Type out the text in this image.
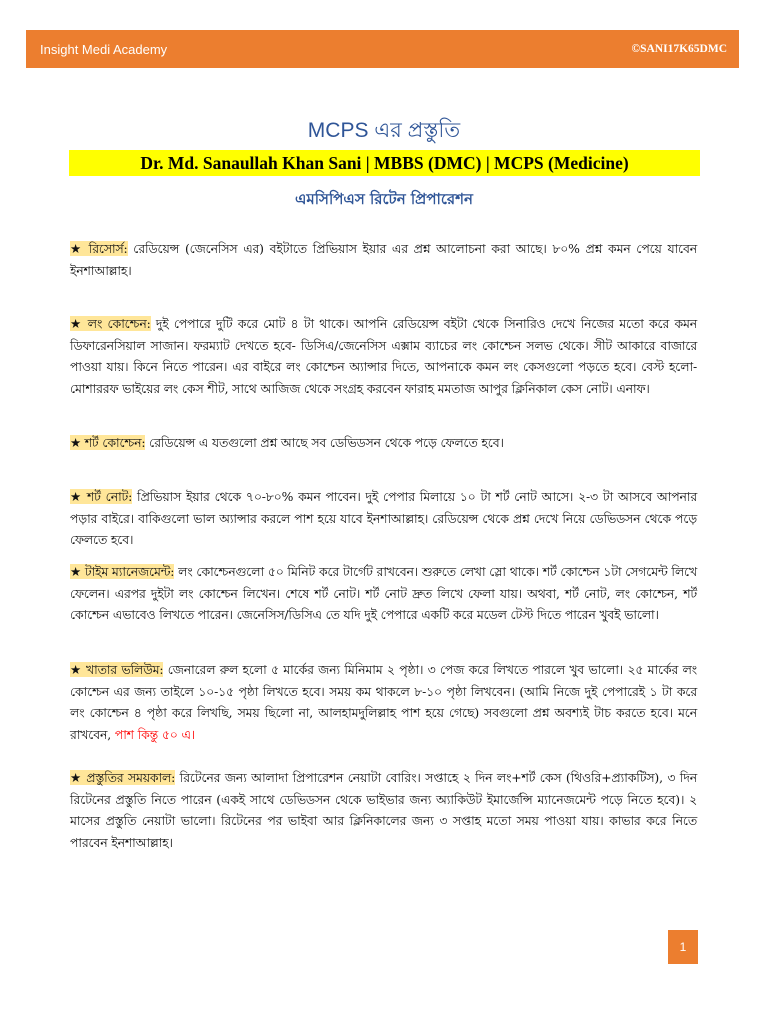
Insight Medi Academy	©SANI17K65DMC
MCPS এর প্রস্তুতি
Dr. Md. Sanaullah Khan Sani | MBBS (DMC) | MCPS (Medicine)
এমসিপিএস রিটেন প্রিপারেশন
★ রিসোর্স: রেডিয়েন্স (জেনেসিস এর) বইটাতে প্রিভিয়াস ইয়ার এর প্রশ্ন আলোচনা করা আছে। ৮০% প্রশ্ন কমন পেয়ে যাবেন ইনশাআল্লাহ।
★ লং কোশ্চেন: দুই পেপারে দুটি করে মোট ৪ টা থাকে। আপনি রেডিয়েন্স বইটা থেকে সিনারিও দেখে নিজের মতো করে কমন ডিফারেনসিয়াল সাজান। ফরম্যাট দেখতে হবে- ডিসিএ/জেনেসিস এক্সাম ব্যাচের লং কোশ্চেন সলভ থেকে। সীট আকারে বাজারে পাওয়া যায়। কিনে নিতে পারেন। এর বাইরে লং কোশ্চেন অ্যান্সার দিতে, আপনাকে কমন লং কেসগুলো পড়তে হবে। বেস্ট হলো- মোশাররফ ভাইয়ের লং কেস শীট, সাথে আজিজ থেকে সংগ্রহ করবেন ফারাহ মমতাজ আপুর ক্লিনিকাল কেস নোট। এনাফ।
★ শর্ট কোশ্চেন: রেডিয়েন্স এ যতগুলো প্রশ্ন আছে সব ডেভিডসন থেকে পড়ে ফেলতে হবে।
★ শর্ট নোট: প্রিভিয়াস ইয়ার থেকে ৭০-৮০% কমন পাবেন। দুই পেপার মিলায়ে ১০ টা শর্ট নোট আসে। ২-৩ টা আসবে আপনার পড়ার বাইরে। বাকিগুলো ভাল অ্যান্সার করলে পাশ হয়ে যাবে ইনশাআল্লাহ। রেডিয়েন্স থেকে প্রশ্ন দেখে নিয়ে ডেভিডসন থেকে পড়ে ফেলতে হবে।
★ টাইম ম্যানেজমেন্ট: লং কোশ্চেনগুলো ৫০ মিনিট করে টার্গেট রাখবেন। শুরুতে লেখা স্লো থাকে। শর্ট কোশ্চেন ১টা সেগমেন্ট লিখে ফেলেন। এরপর দুইটা লং কোশ্চেন লিখেন। শেষে শর্ট নোট। শর্ট নোট দ্রুত লিখে ফেলা যায়। অথবা, শর্ট নোট, লং কোশ্চেন, শর্ট কোশ্চেন এভাবেও লিখতে পারেন। জেনেসিস/ডিসিএ তে যদি দুই পেপারে একটি করে মডেল টেস্ট দিতে পারেন খুবই ভালো।
★ খাতার ভলিউম: জেনারেল রুল হলো ৫ মার্কের জন্য মিনিমাম ২ পৃষ্ঠা। ৩ পেজ করে লিখতে পারলে খুব ভালো। ২৫ মার্কের লং কোশ্চেন এর জন্য তাইলে ১০-১৫ পৃষ্ঠা লিখতে হবে। সময় কম থাকলে ৮-১০ পৃষ্ঠা লিখবেন। (আমি নিজে দুই পেপারেই ১ টা করে লং কোশ্চেন ৪ পৃষ্ঠা করে লিখছি, সময় ছিলো না, আলহামদুলিল্লাহ পাশ হয়ে গেছে) সবগুলো প্রশ্ন অবশ্যই টাচ করতে হবে। মনে রাখবেন, পাশ কিন্তু ৫০ এ।
★ প্রস্তুতির সময়কাল: রিটেনের জন্য আলাদা প্রিপারেশন নেয়াটা বোরিং। সপ্তাহে ২ দিন লং+শর্ট কেস (থিওরি+প্র্যাকটিস), ৩ দিন রিটেনের প্রস্তুতি নিতে পারেন (একই সাথে ডেভিডসন থেকে ভাইভার জন্য অ্যাকিউট ইমার্জেন্সি ম্যানেজমেন্ট পড়ে নিতে হবে)। ২ মাসের প্রস্তুতি নেয়াটা ভালো। রিটেনের পর ভাইবা আর ক্লিনিকালের জন্য ৩ সপ্তাহ মতো সময় পাওয়া যায়। কাভার করে নিতে পারবেন ইনশাআল্লাহ।
1
